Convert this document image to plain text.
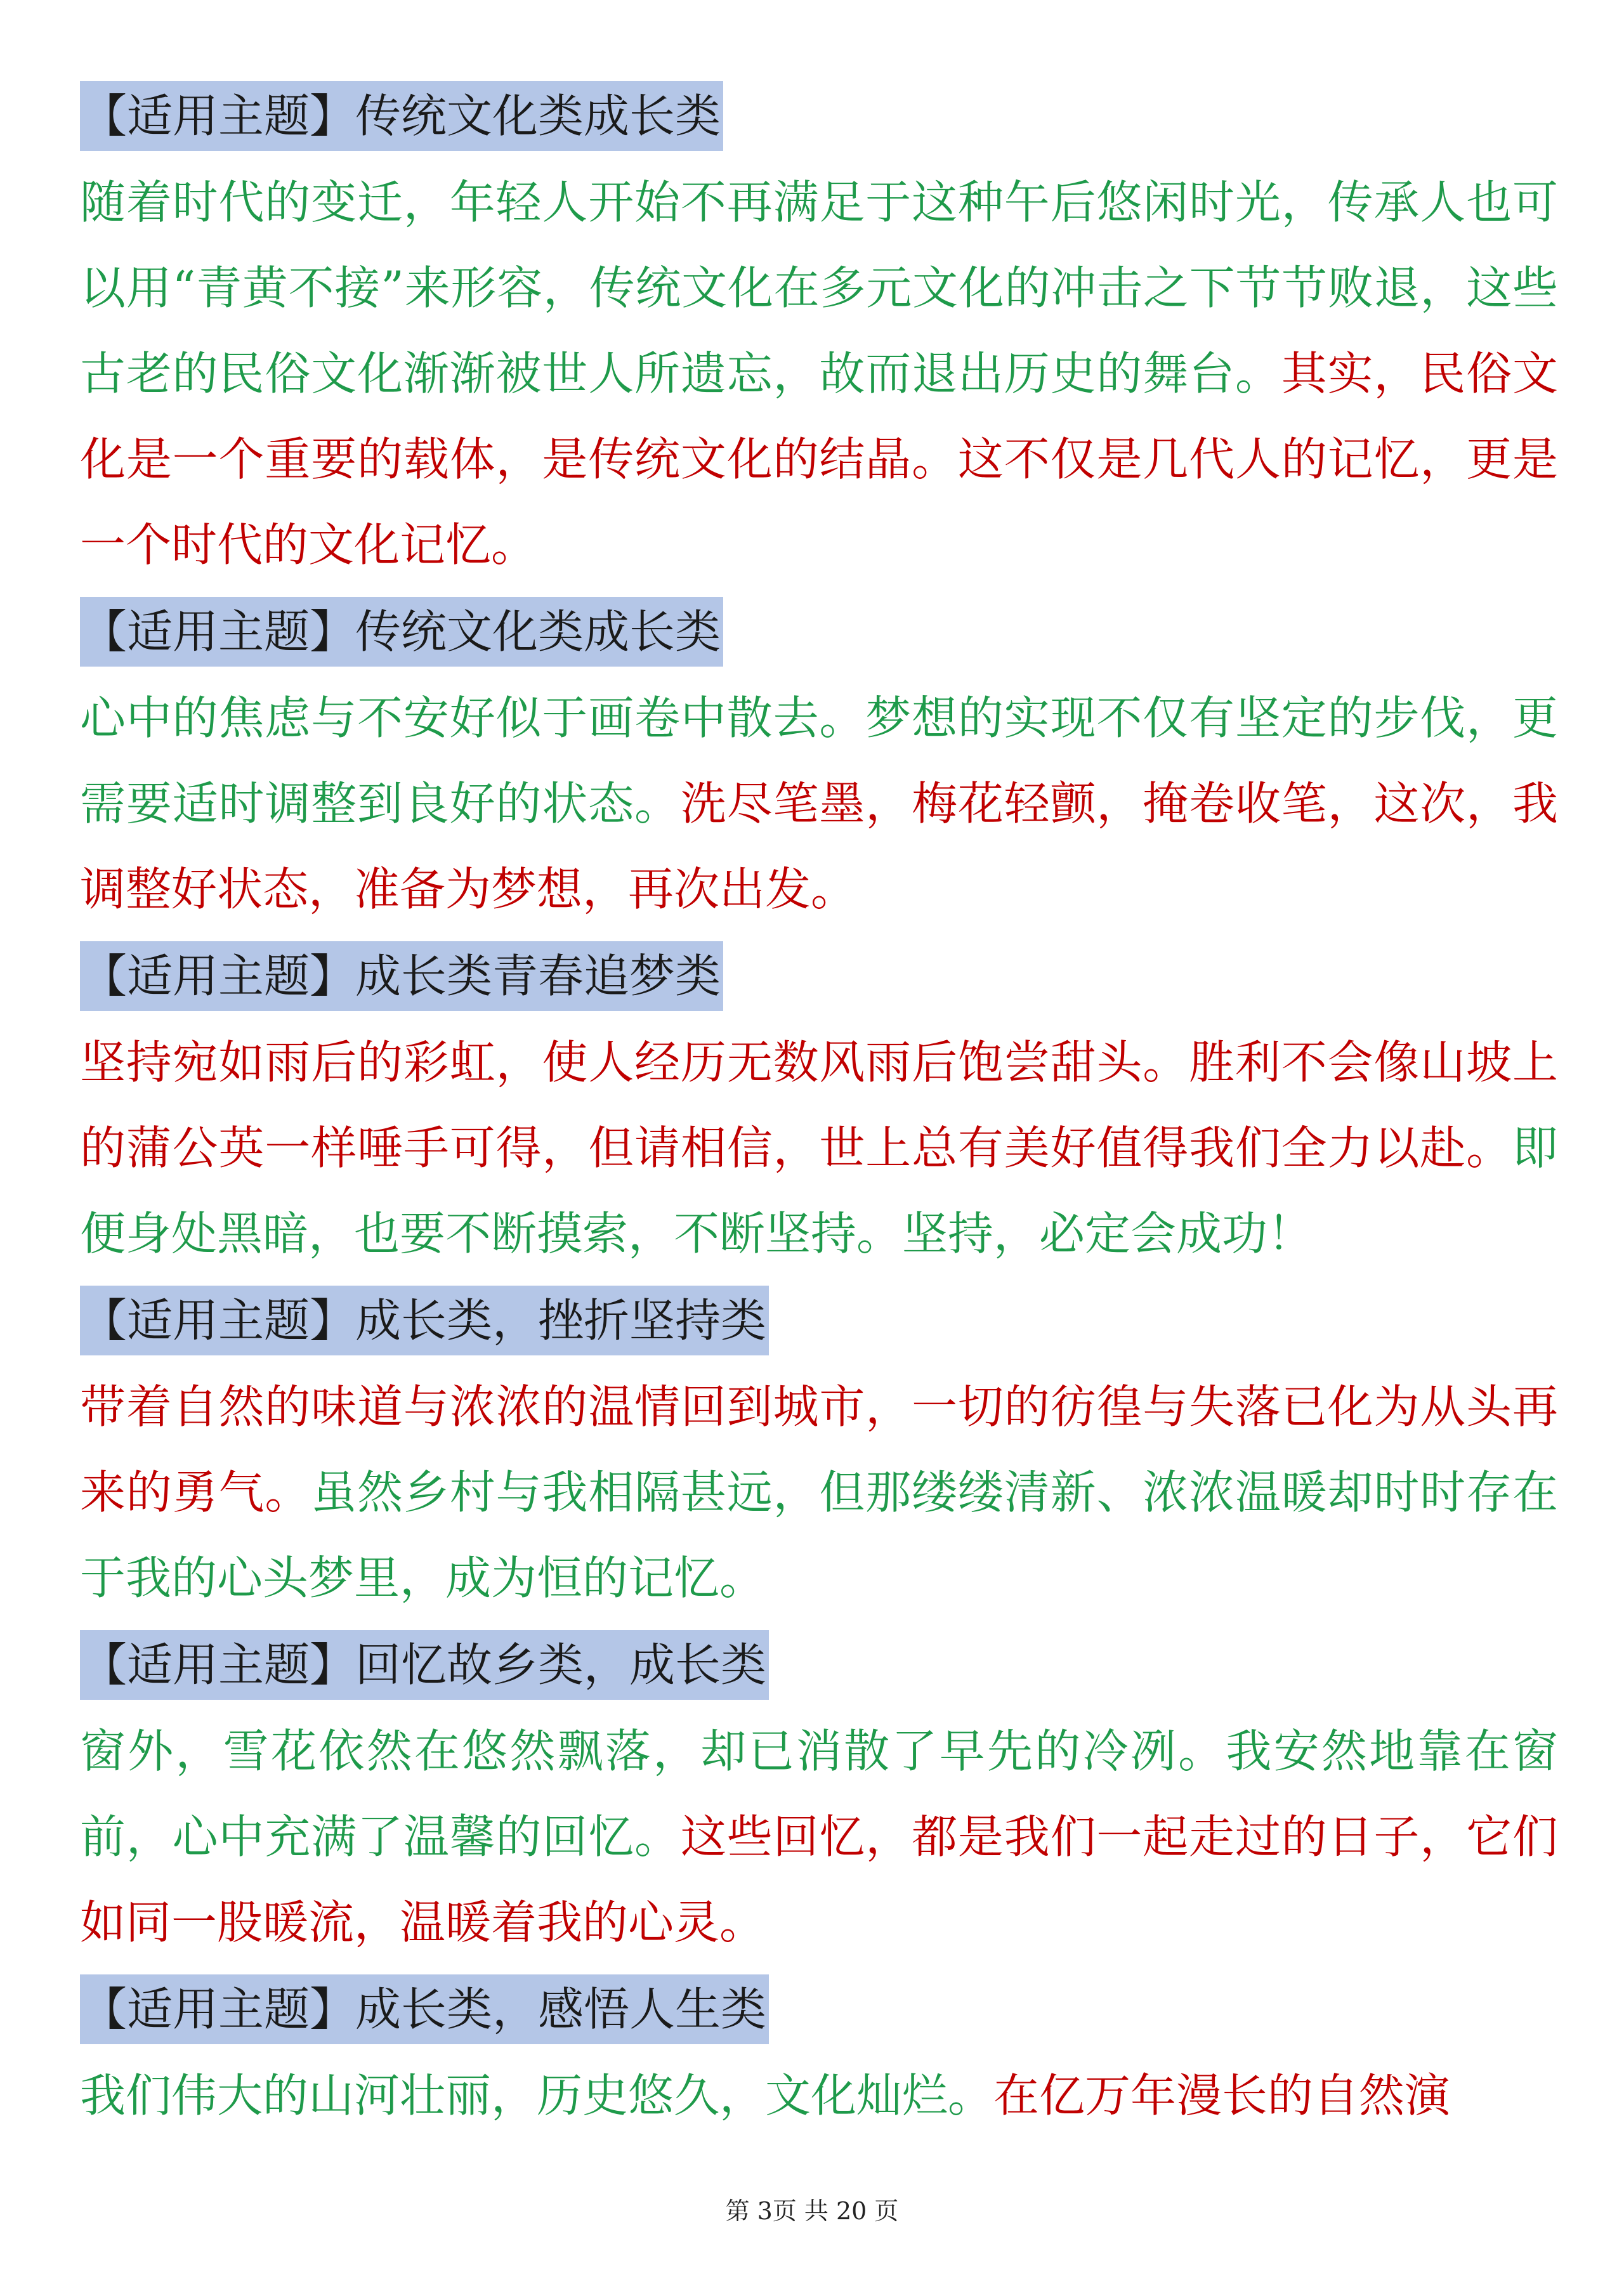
【适用主题】传统文化类成长类

随着时代的变迁，年轻人开始不再满足于这种午后悠闲时光，传承人也可以用“青黄不接”来形容，传统文化在多元文化的冲击之下节节败退，这些古老的民俗文化渐渐被世人所遗忘，故而退出历史的舞台。其实，民俗文化是一个重要的载体，是传统文化的结晶。这不仅是几代人的记忆，更是一个时代的文化记忆。

【适用主题】传统文化类成长类

心中的焦虑与不安好似于画卷中散去。梦想的实现不仅有坚定的步伐，更需要适时调整到良好的状态。洗尽笔墨，梅花轻颤，掩卷收笔，这次，我调整好状态，准备为梦想，再次出发。

【适用主题】成长类青春追梦类

坚持宛如雨后的彩虹，使人经历无数风雨后饱尝甜头。胜利不会像山坡上的蒲公英一样唾手可得，但请相信，世上总有美好值得我们全力以赴。即便身处黑暗，也要不断摸索，不断坚持。坚持，必定会成功！

【适用主题】成长类，挫折坚持类

带着自然的味道与浓浓的温情回到城市，一切的彷徨与失落已化为从头再来的勇气。虽然乡村与我相隔甚远，但那缕缕清新、浓浓温暖却时时存在于我的心头梦里，成为恒的记忆。

【适用主题】回忆故乡类，成长类

窗外，雪花依然在悠然飘落，却已消散了早先的冷冽。我安然地靠在窗前，心中充满了温馨的回忆。这些回忆，都是我们一起走过的日子，它们如同一股暖流，温暖着我的心灵。

【适用主题】成长类，感悟人生类

我们伟大的山河壮丽，历史悠久，文化灿烂。在亿万年漫长的自然演

第 3页 共 20 页
